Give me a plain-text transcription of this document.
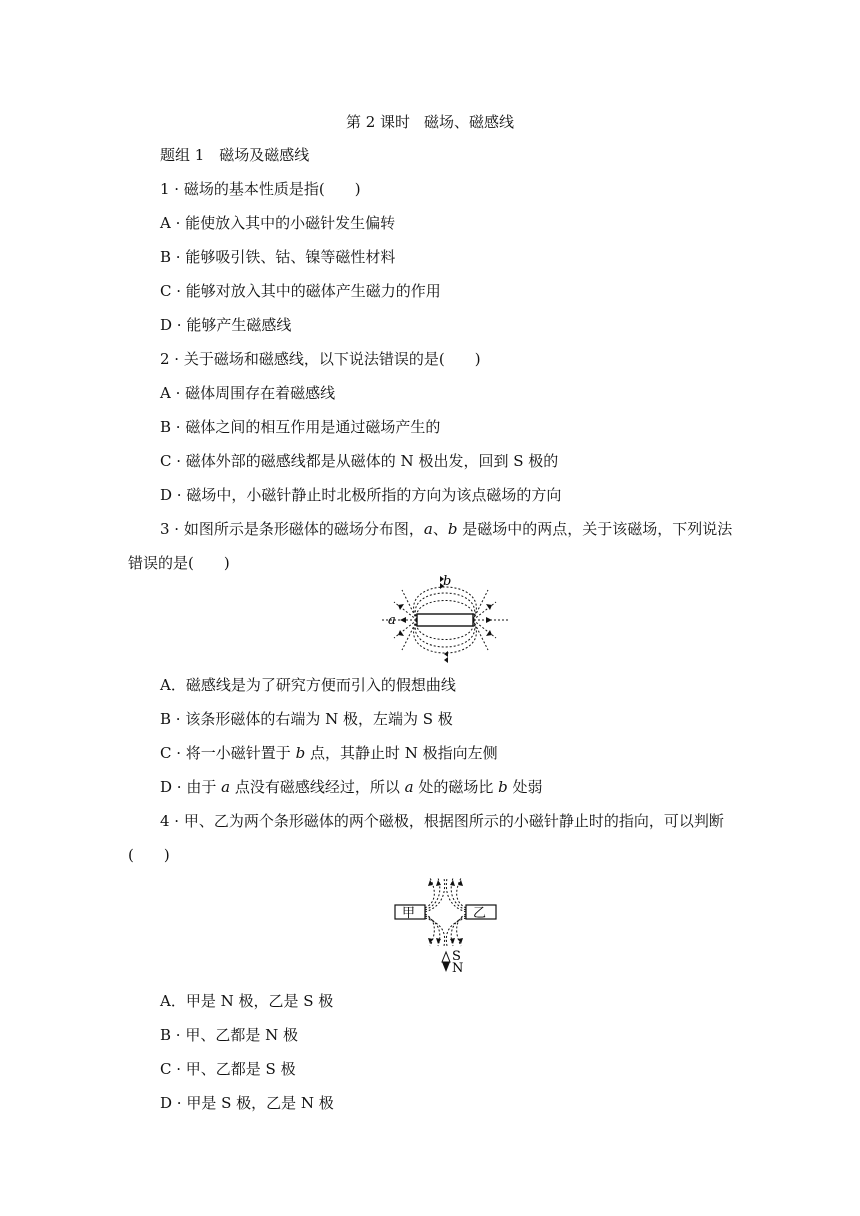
第 2 课时 磁场、磁感线
题组 1　磁场及磁感线
1 · 磁场的基本性质是指(　　)
A · 能使放入其中的小磁针发生偏转
B · 能够吸引铁、钴、镍等磁性材料
C · 能够对放入其中的磁体产生磁力的作用
D · 能够产生磁感线
2 · 关于磁场和磁感线，以下说法错误的是(　　)
A · 磁体周围存在着磁感线
B · 磁体之间的相互作用是通过磁场产生的
C · 磁体外部的磁感线都是从磁体的 N 极出发，回到 S 极的
D · 磁场中，小磁针静止时北极所指的方向为该点磁场的方向
3 · 如图所示是条形磁体的磁场分布图，a、b 是磁场中的两点，关于该磁场，下列说法
错误的是(　　)
a
b
A．磁感线是为了研究方便而引入的假想曲线
B · 该条形磁体的右端为 N 极，左端为 S 极
C · 将一小磁针置于 b 点，其静止时 N 极指向左侧
D · 由于 a 点没有磁感线经过，所以 a 处的磁场比 b 处弱
4 · 甲、乙为两个条形磁体的两个磁极，根据图所示的小磁针静止时的指向，可以判断
(　　)
甲	乙
S
N
A．甲是 N 极，乙是 S 极
B · 甲、乙都是 N 极
C · 甲、乙都是 S 极
D · 甲是 S 极，乙是 N 极
